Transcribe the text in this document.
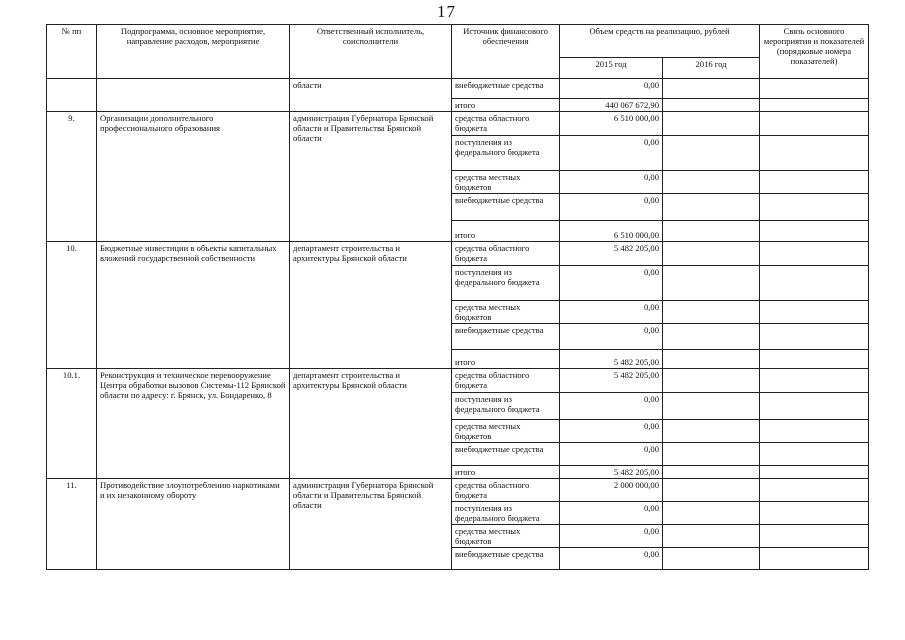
17
№ пп	Подпрограмма, основное мероприятие, направление расходов, мероприятие	Ответственный исполнитель, соисполнители	Источник финансового обеспечения	Объем средств на реализацию, рублей		Связь основного мероприятия и показателей (порядковые номера показателей)
				2015 год	2016 год	
		области	внебюджетные средства	0,00		
			итого	440 067 672,90		
9.	Организации дополнительного профессионального образования	администрация Губернатора Брянской области и Правительства Брянской области	средства областного бюджета	6 510 000,00		
			поступления из федерального бюджета	0,00		
			средства местных бюджетов	0,00		
			внебюджетные средства	0,00		
			итого	6 510 000,00		
10.	Бюджетные инвестиции в объекты капитальных вложений государственной собственности	департамент строительства и архитектуры Брянской области	средства областного бюджета	5 482 205,00		
			поступления из федерального бюджета	0,00		
			средства местных бюджетов	0,00		
			внебюджетные средства	0,00		
			итого	5 482 205,00		
10.1.	Реконструкция и техническое перевооружение Центра обработки вызовов Системы-112 Брянской области по адресу: г. Брянск, ул. Бондаренко, 8	департамент строительства и архитектуры Брянской области	средства областного бюджета	5 482 205,00		
			поступления из федерального бюджета	0,00		
			средства местных бюджетов	0,00		
			внебюджетные средства	0,00		
			итого	5 482 205,00		
11.	Противодействие злоупотреблению наркотиками и их незаконному обороту	администрация Губернатора Брянской области и Правительства Брянской области	средства областного бюджета	2 000 000,00		
			поступления из федерального бюджета	0,00		
			средства местных бюджетов	0,00		
			внебюджетные средства	0,00		
